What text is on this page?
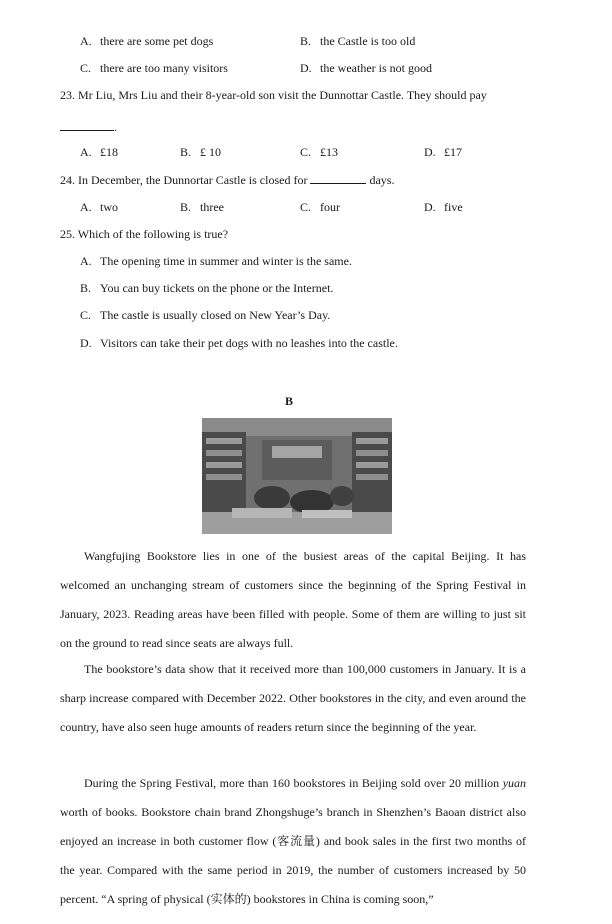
A. there are some pet dogs	B. the Castle is too old
C. there are too many visitors	D. the weather is not good
23. Mr Liu, Mrs Liu and their 8-year-old son visit the Dunnottar Castle. They should pay
.
A. £18	B. £ 10	C. £13	D. £17
24. In December, the Dunnortar Castle is closed for	days.
A. two	B. three	C. four	D. five
25. Which of the following is true?
A. The opening time in summer and winter is the same.
B. You can buy tickets on the phone or the Internet.
C. The castle is usually closed on New Year’s Day.
D. Visitors can take their pet dogs with no leashes into the castle.
B
Wangfujing Bookstore lies in one of the busiest areas of the capital Beijing. It has welcomed an unchanging stream of customers since the beginning of the Spring Festival in January, 2023. Reading areas have been filled with people. Some of them are willing to just sit on the ground to read since seats are always full.
The bookstore’s data show that it received more than 100,000 customers in January. It is a sharp increase compared with December 2022. Other bookstores in the city, and even around the country, have also seen huge amounts of readers return since the beginning of the year.
During the Spring Festival, more than 160 bookstores in Beijing sold over 20 million yuan worth of books. Bookstore chain brand Zhongshuge’s branch in Shenzhen’s Baoan district also enjoyed an increase in both customer flow (客流量) and book sales in the first two months of the year. Compared with the same period in 2019, the number of customers increased by 50 percent. “A spring of physical (实体的) bookstores in China is coming soon,”
